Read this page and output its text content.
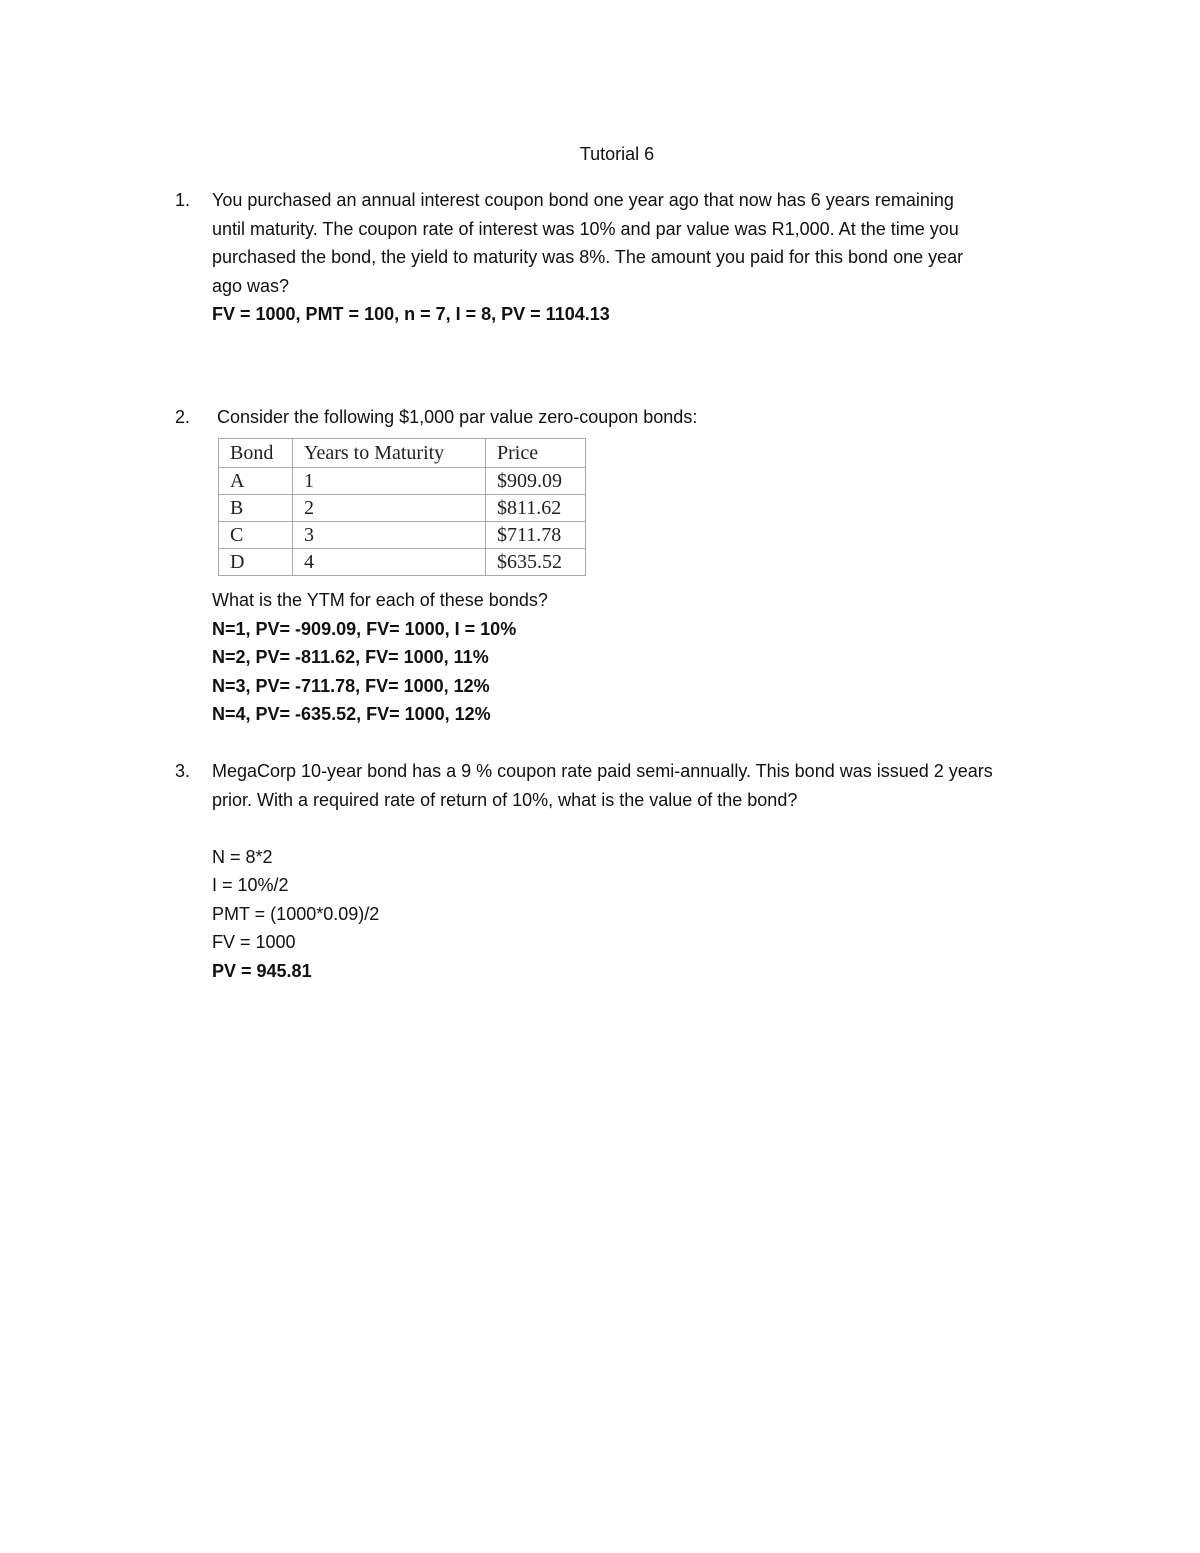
Tutorial 6
1.	You purchased an annual interest coupon bond one year ago that now has 6 years remaining
until maturity. The coupon rate of interest was 10% and par value was R1,000. At the time you
purchased the bond, the yield to maturity was 8%. The amount you paid for this bond one year
ago was?
FV = 1000, PMT = 100, n = 7, I = 8, PV = 1104.13
2.	Consider the following $1,000 par value zero-coupon bonds:
Bond	Years to Maturity	Price
A	1	$909.09
B	2	$811.62
C	3	$711.78
D	4	$635.52
What is the YTM for each of these bonds?
N=1, PV= -909.09, FV= 1000, I = 10%
N=2, PV= -811.62, FV= 1000, 11%
N=3, PV= -711.78, FV= 1000, 12%
N=4, PV= -635.52, FV= 1000, 12%
3.	MegaCorp 10-year bond has a 9 % coupon rate paid semi-annually. This bond was issued 2 years
prior. With a required rate of return of 10%, what is the value of the bond?
N = 8*2
I = 10%/2
PMT = (1000*0.09)/2
FV = 1000
PV = 945.81
